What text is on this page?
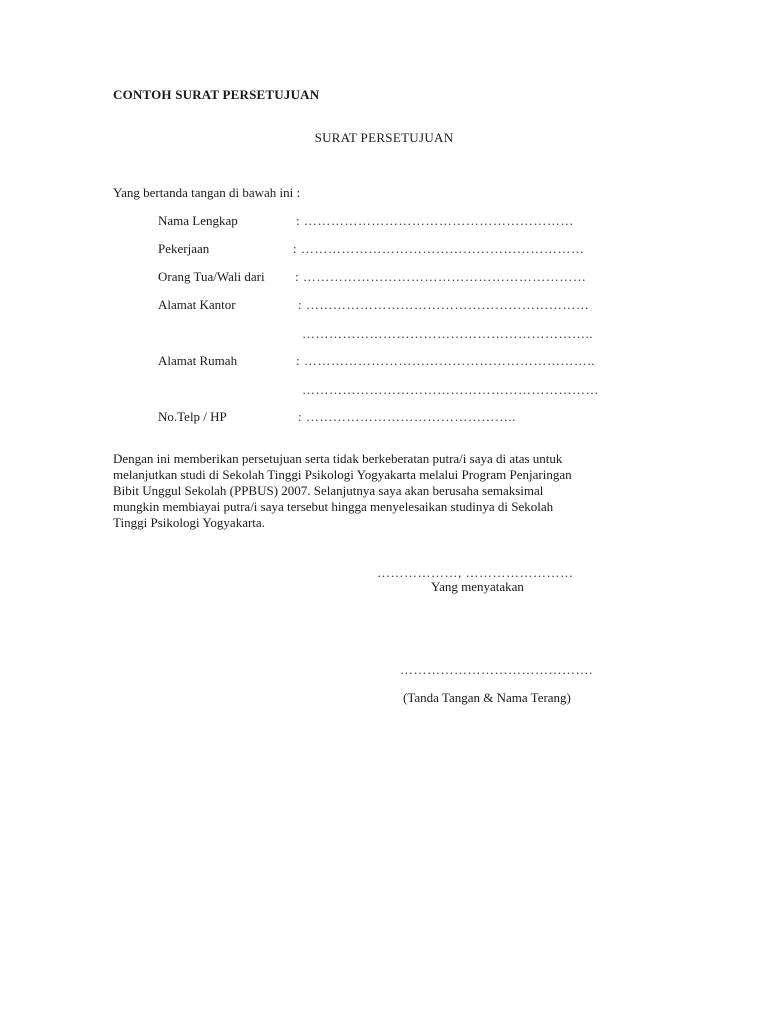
CONTOH SURAT PERSETUJUAN
SURAT PERSETUJUAN
Yang bertanda tangan di bawah ini :
Nama Lengkap	: ……………………………………………………
Pekerjaan	: ………………………………………………………
Orang Tua/Wali dari : ………………………………………………………
Alamat Kantor	: ………………………………………………………
………………………………………………………..
Alamat Rumah	: ………………………………………………………..
…………………………………………………………
No.Telp / HP	: ………………………………………..
Dengan ini memberikan persetujuan serta tidak berkeberatan putra/i saya di atas untuk
melanjutkan studi di Sekolah Tinggi Psikologi Yogyakarta melalui Program Penjaringan
Bibit Unggul Sekolah (PPBUS) 2007. Selanjutnya saya akan berusaha semaksimal
mungkin membiayai putra/i saya tersebut hingga menyelesaikan studinya di Sekolah
Tinggi Psikologi Yogyakarta.
………………, ……………………
Yang menyatakan
…………………………………….
(Tanda Tangan & Nama Terang)
